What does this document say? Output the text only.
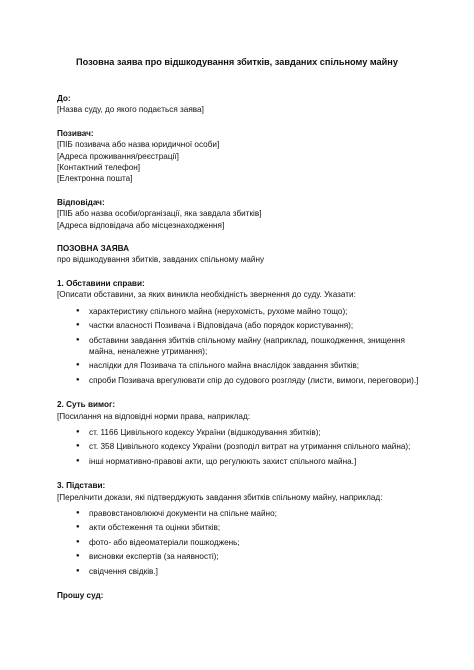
Позовна заява про відшкодування збитків, завданих спільному майну
До:
[Назва суду, до якого подається заява]
Позивач:
[ПІБ позивача або назва юридичної особи]
[Адреса проживання/реєстрації]
[Контактний телефон]
[Електронна пошта]
Відповідач:
[ПІБ або назва особи/організації, яка завдала збитків]
[Адреса відповідача або місцезнаходження]
ПОЗОВНА ЗАЯВА
про відшкодування збитків, завданих спільному майну
1. Обставини справи:
[Описати обставини, за яких виникла необхідність звернення до суду. Указати:
● характеристику спільного майна (нерухомість, рухоме майно тощо);
● частки власності Позивача і Відповідача (або порядок користування);
● обставини завдання збитків спільному майну (наприклад, пошкодження, знищення майна, неналежне утримання);
● наслідки для Позивача та спільного майна внаслідок завдання збитків;
● спроби Позивача врегулювати спір до судового розгляду (листи, вимоги, переговори).]
2. Суть вимог:
[Посилання на відповідні норми права, наприклад:
● ст. 1166 Цивільного кодексу України (відшкодування збитків);
● ст. 358 Цивільного кодексу України (розподіл витрат на утримання спільного майна);
● інші нормативно-правові акти, що регулюють захист спільного майна.]
3. Підстави:
[Перелічити докази, які підтверджують завдання збитків спільному майну, наприклад:
● правовстановлюючі документи на спільне майно;
● акти обстеження та оцінки збитків;
● фото- або відеоматеріали пошкоджень;
● висновки експертів (за наявності);
● свідчення свідків.]
Прошу суд:
